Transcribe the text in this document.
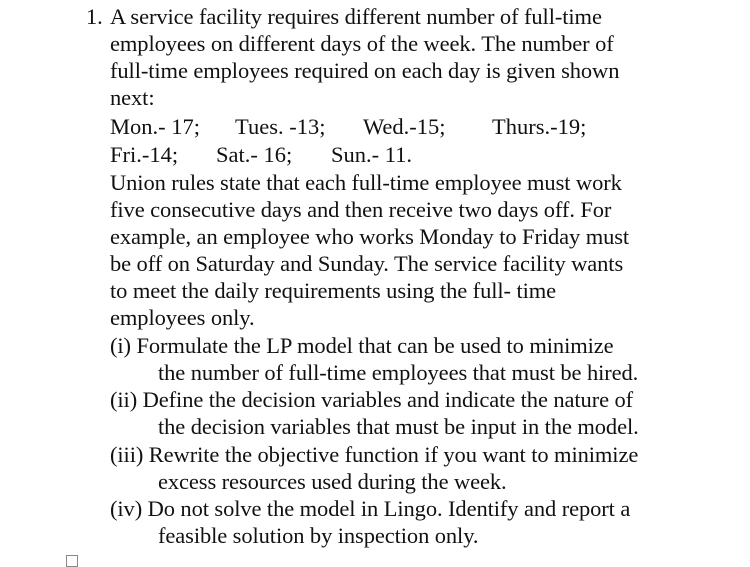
1. A service facility requires different number of full-time
employees on different days of the week. The number of
full-time employees required on each day is given shown
next:
Mon.- 17; Tues. -13; Wed.-15; Thurs.-19;
Fri.-14; Sat.- 16; Sun.- 11.
Union rules state that each full-time employee must work
five consecutive days and then receive two days off. For
example, an employee who works Monday to Friday must
be off on Saturday and Sunday. The service facility wants
to meet the daily requirements using the full- time
employees only.
(i) Formulate the LP model that can be used to minimize
the number of full-time employees that must be hired.
(ii) Define the decision variables and indicate the nature of
the decision variables that must be input in the model.
(iii) Rewrite the objective function if you want to minimize
excess resources used during the week.
(iv) Do not solve the model in Lingo. Identify and report a
feasible solution by inspection only.
